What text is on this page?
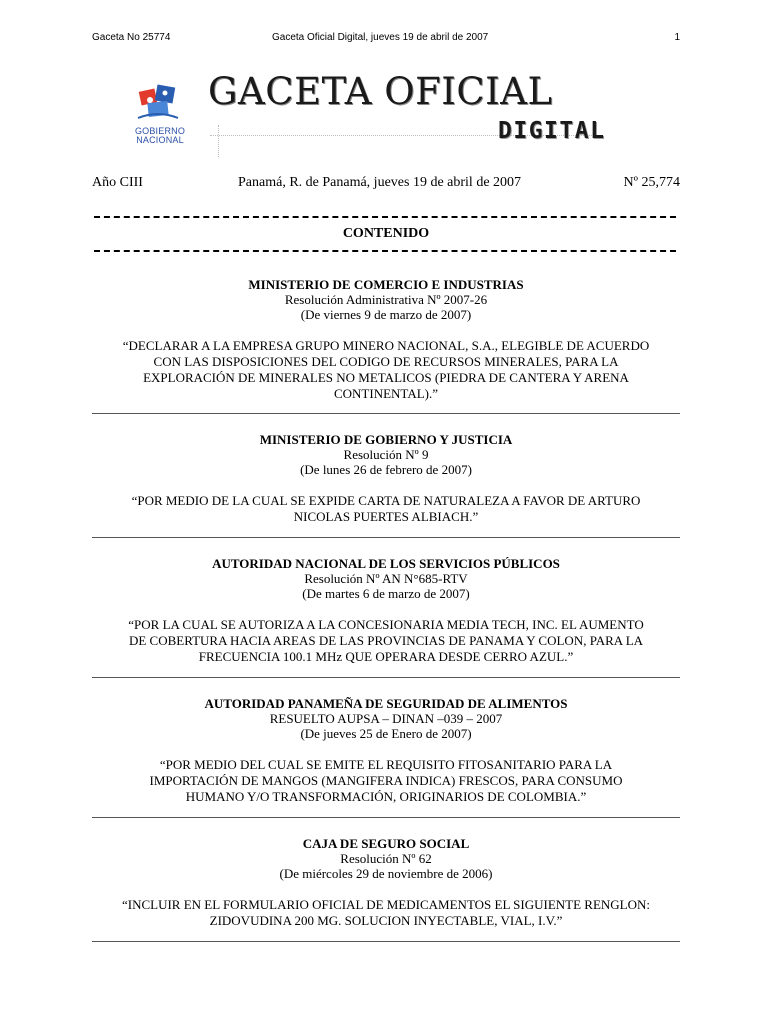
Gaceta No 25774	Gaceta Oficial Digital, jueves 19 de abril de 2007	1
GOBIERNO
NACIONAL
GACETA OFICIAL
DIGITAL
Año CIII	Panamá, R. de Panamá, jueves 19 de abril de 2007	Nº 25,774
CONTENIDO
MINISTERIO DE COMERCIO E INDUSTRIAS
Resolución Administrativa Nº 2007-26
(De viernes 9 de marzo de 2007)

“DECLARAR A LA EMPRESA GRUPO MINERO NACIONAL, S.A., ELEGIBLE DE ACUERDO

CON LAS DISPOSICIONES DEL CODIGO DE RECURSOS MINERALES, PARA LA

EXPLORACIÓN DE MINERALES NO METALICOS (PIEDRA DE CANTERA Y ARENA

CONTINENTAL).”

MINISTERIO DE GOBIERNO Y JUSTICIA
Resolución Nº 9
(De lunes 26 de febrero de 2007)

“POR MEDIO DE LA CUAL SE EXPIDE CARTA DE NATURALEZA A FAVOR DE ARTURO

NICOLAS PUERTES ALBIACH.”

AUTORIDAD NACIONAL DE LOS SERVICIOS PÚBLICOS
Resolución Nº AN N°685-RTV
(De martes 6 de marzo de 2007)

“POR LA CUAL SE AUTORIZA A LA CONCESIONARIA MEDIA TECH, INC. EL AUMENTO

DE COBERTURA HACIA AREAS DE LAS PROVINCIAS DE PANAMA Y COLON, PARA LA

FRECUENCIA 100.1 MHz QUE OPERARA DESDE CERRO AZUL.”

AUTORIDAD PANAMEÑA DE SEGURIDAD DE ALIMENTOS
RESUELTO AUPSA – DINAN –039 – 2007
(De jueves 25 de Enero de 2007)

“POR MEDIO DEL CUAL SE EMITE EL REQUISITO FITOSANITARIO PARA LA

IMPORTACIÓN DE MANGOS (MANGIFERA INDICA) FRESCOS, PARA CONSUMO

HUMANO Y/O TRANSFORMACIÓN, ORIGINARIOS DE COLOMBIA.”

CAJA DE SEGURO SOCIAL
Resolución Nº 62
(De miércoles 29 de noviembre de 2006)

“INCLUIR EN EL FORMULARIO OFICIAL DE MEDICAMENTOS EL SIGUIENTE RENGLON:

ZIDOVUDINA 200 MG. SOLUCION INYECTABLE, VIAL, I.V.”
